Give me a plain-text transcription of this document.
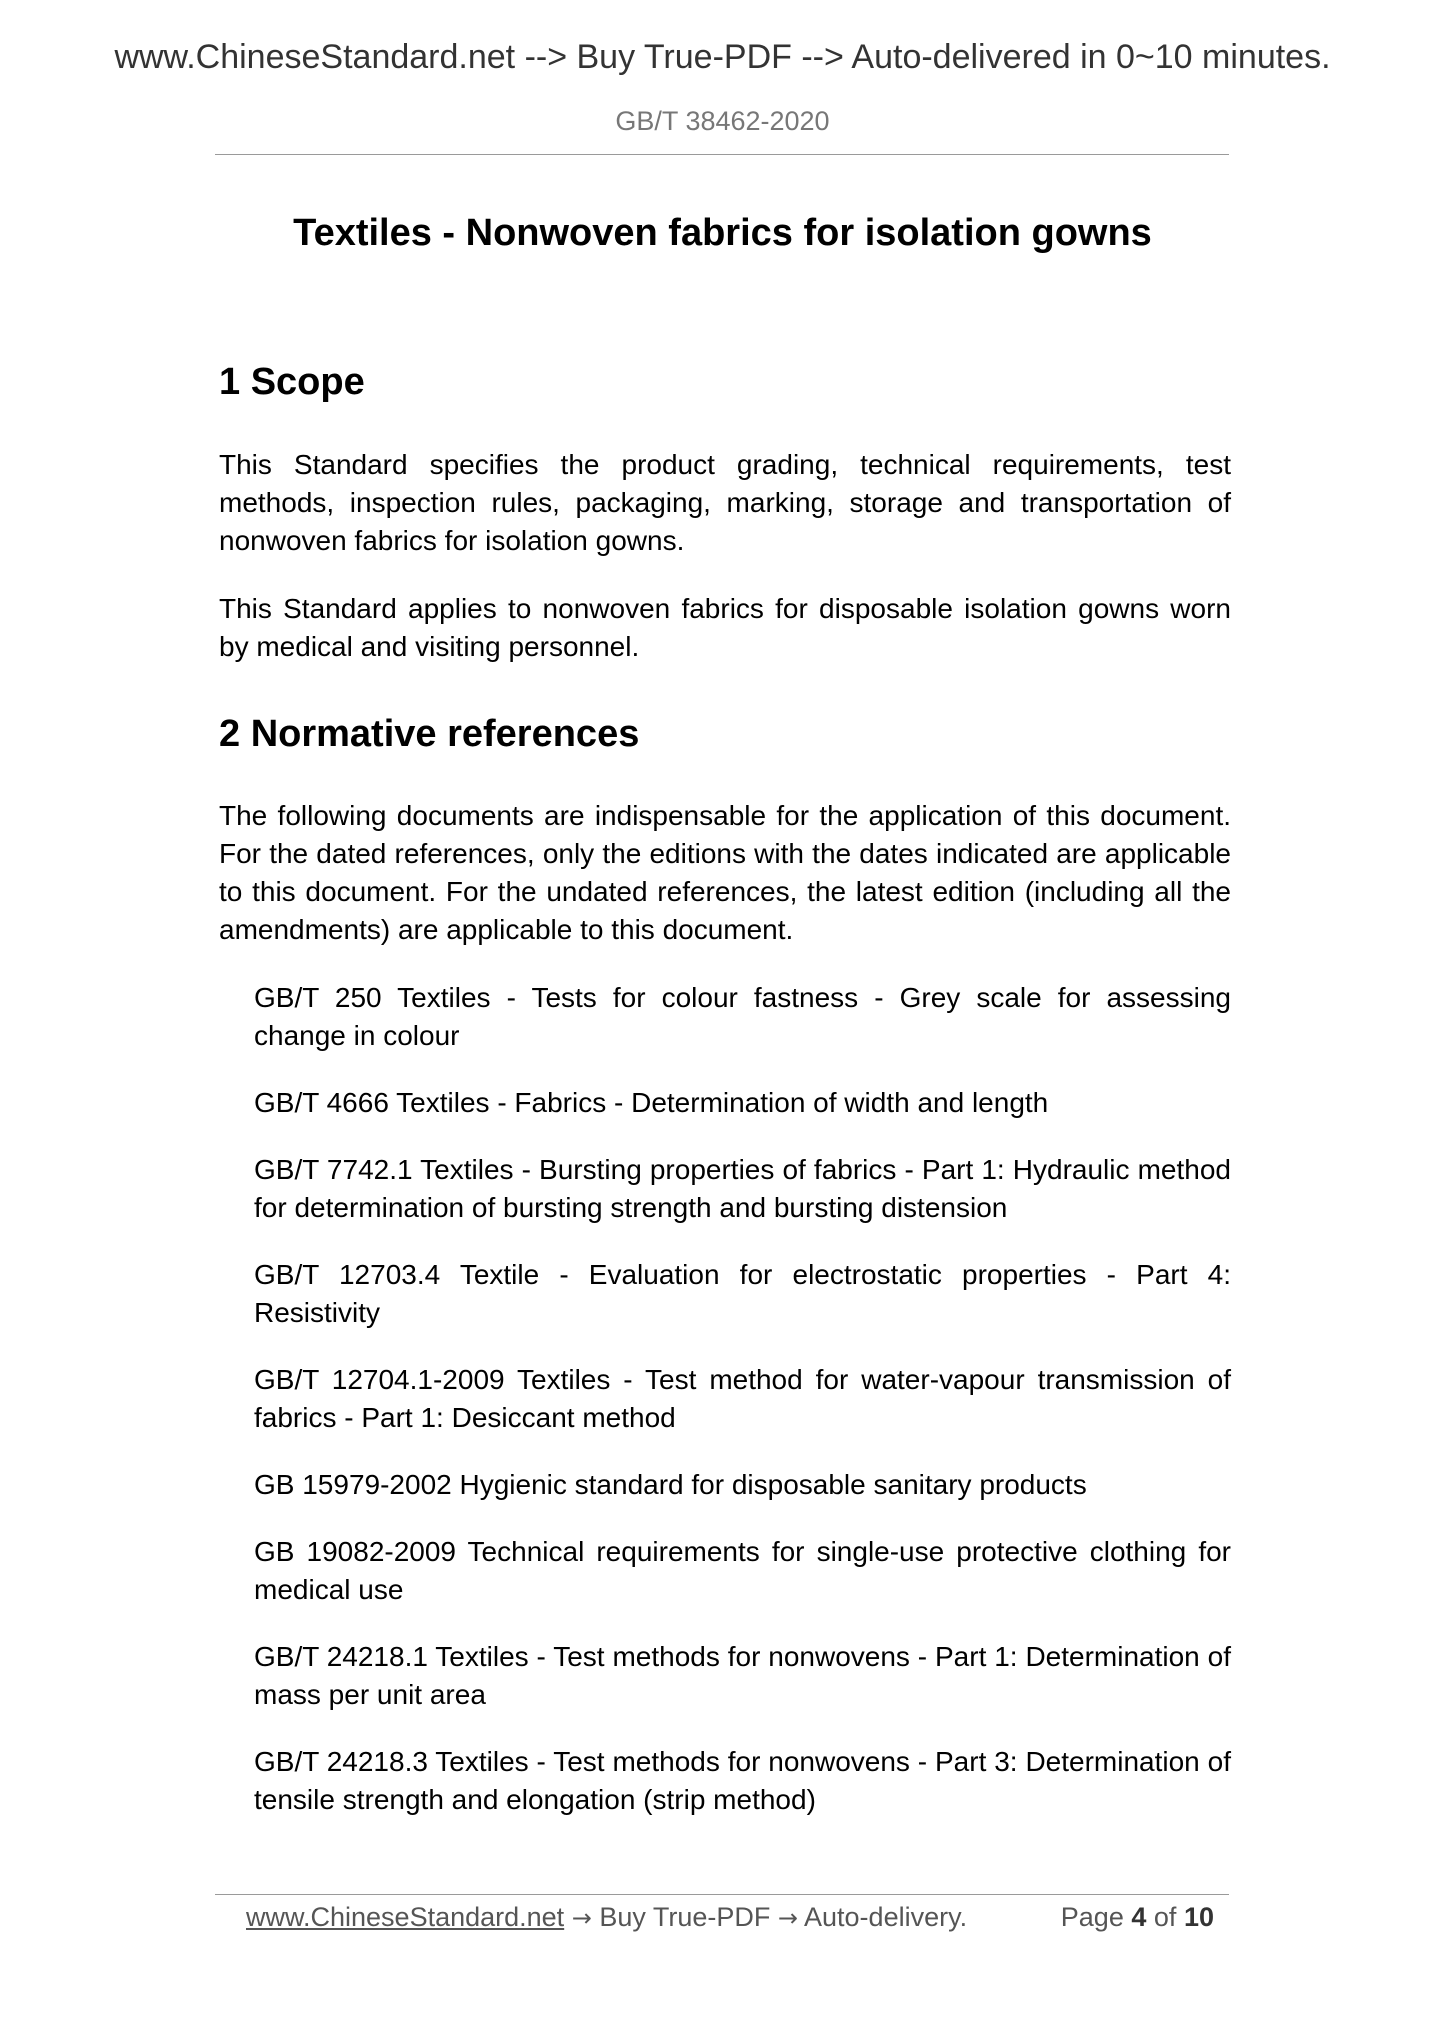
www.ChineseStandard.net --> Buy True-PDF --> Auto-delivered in 0~10 minutes.
GB/T 38462-2020
Textiles - Nonwoven fabrics for isolation gowns
1 Scope

This Standard specifies the product grading, technical requirements, test methods, inspection rules, packaging, marking, storage and transportation of nonwoven fabrics for isolation gowns.

This Standard applies to nonwoven fabrics for disposable isolation gowns worn by medical and visiting personnel.

2 Normative references

The following documents are indispensable for the application of this document. For the dated references, only the editions with the dates indicated are applicable to this document. For the undated references, the latest edition (including all the amendments) are applicable to this document.

GB/T 250 Textiles - Tests for colour fastness - Grey scale for assessing change in colour

GB/T 4666 Textiles - Fabrics - Determination of width and length

GB/T 7742.1 Textiles - Bursting properties of fabrics - Part 1: Hydraulic method for determination of bursting strength and bursting distension

GB/T 12703.4 Textile - Evaluation for electrostatic properties - Part 4: Resistivity

GB/T 12704.1-2009 Textiles - Test method for water-vapour transmission of fabrics - Part 1: Desiccant method

GB 15979-2002 Hygienic standard for disposable sanitary products

GB 19082-2009 Technical requirements for single-use protective clothing for medical use

GB/T 24218.1 Textiles - Test methods for nonwovens - Part 1: Determination of mass per unit area

GB/T 24218.3 Textiles - Test methods for nonwovens - Part 3: Determination of tensile strength and elongation (strip method)

www.ChineseStandard.net → Buy True-PDF → Auto-delivery.	Page 4 of 10
